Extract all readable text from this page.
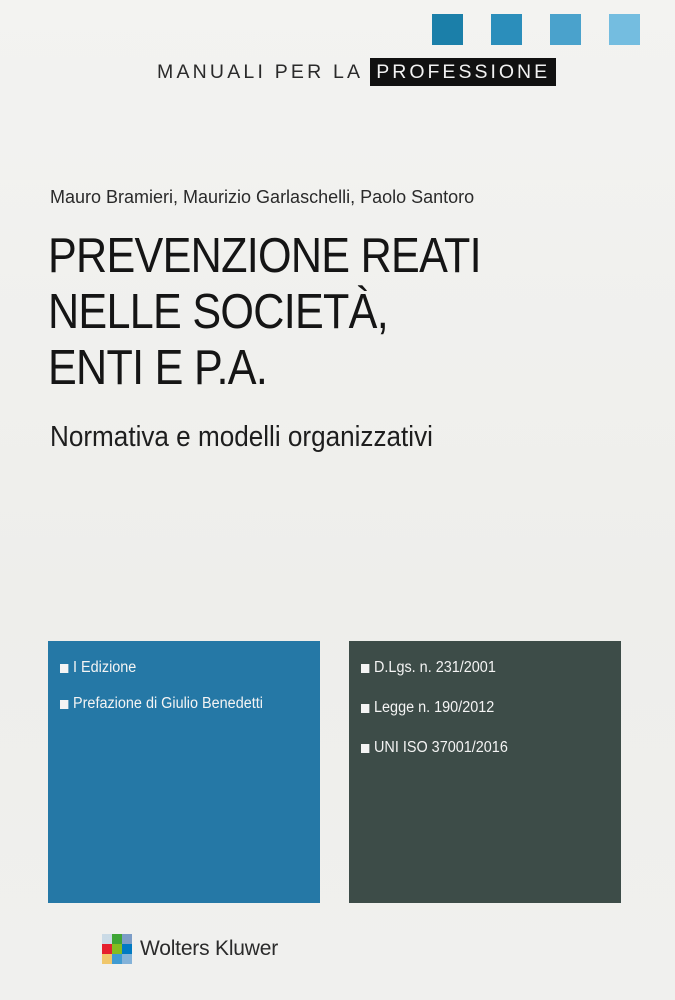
MANUALI PER LA PROFESSIONE
Mauro Bramieri, Maurizio Garlaschelli, Paolo Santoro
PREVENZIONE REATI
NELLE SOCIETÀ,
ENTI E P.A.
Normativa e modelli organizzativi
I Edizione
Prefazione di Giulio Benedetti
D.Lgs. n. 231/2001
Legge n. 190/2012
UNI ISO 37001/2016
Wolters Kluwer
